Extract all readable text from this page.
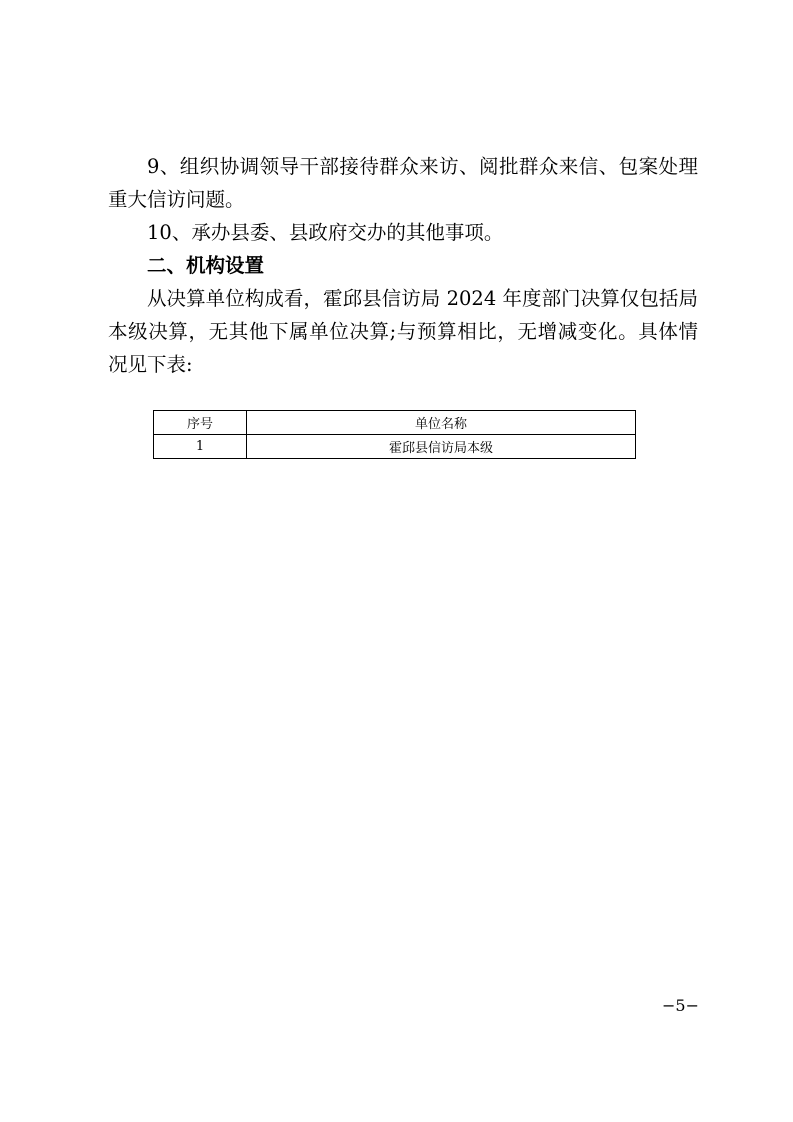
9、组织协调领导干部接待群众来访、阅批群众来信、包案处理重大信访问题。

10、承办县委、县政府交办的其他事项。

二、机构设置

从决算单位构成看，霍邱县信访局 2024 年度部门决算仅包括局本级决算，无其他下属单位决算;与预算相比，无增减变化。具体情况见下表:

序号	单位名称
1	霍邱县信访局本级
−5−
